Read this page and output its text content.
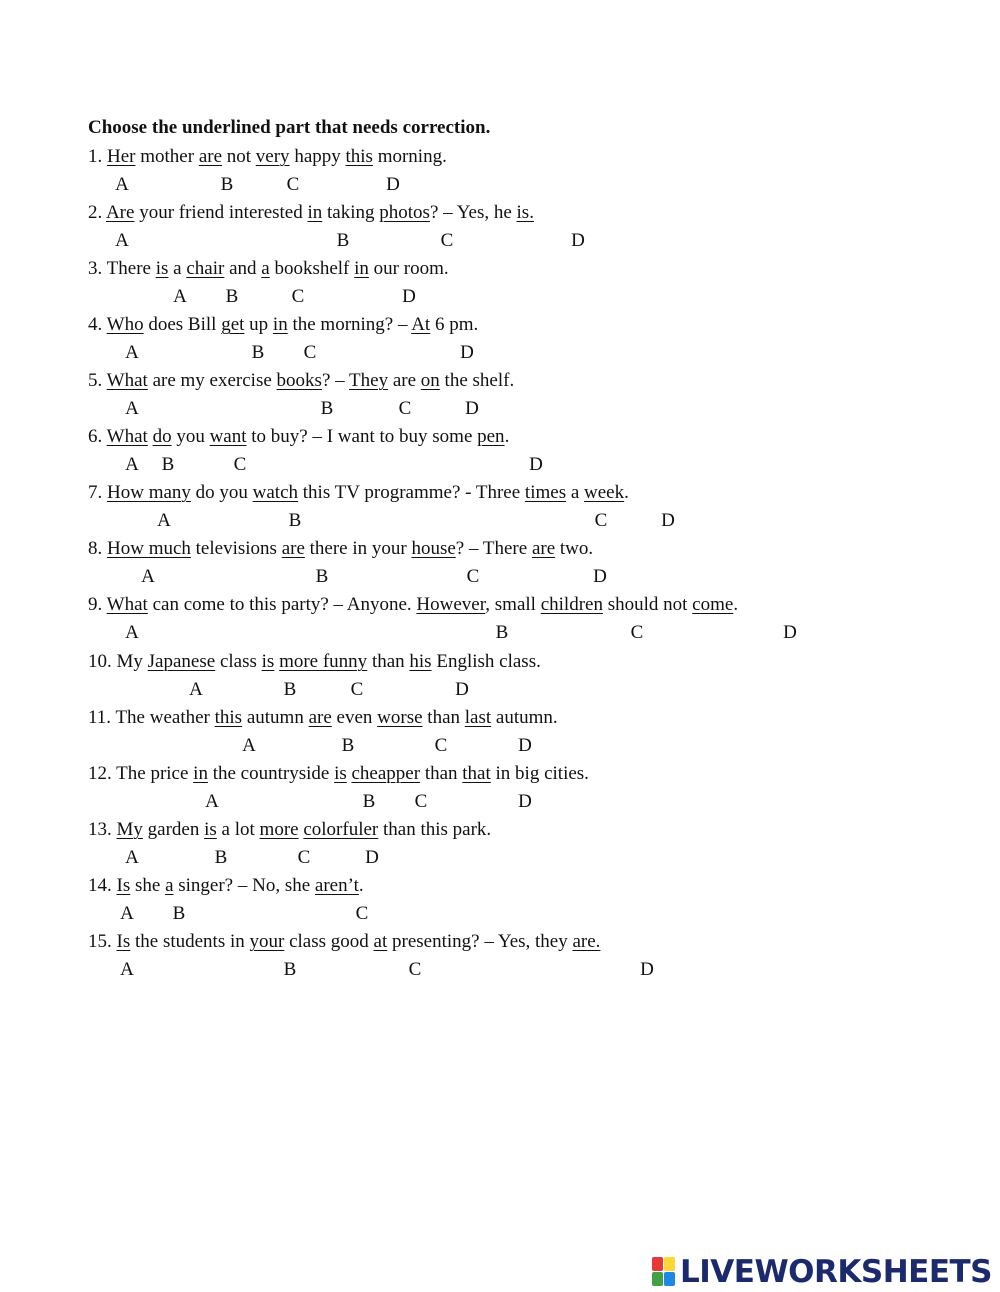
Choose the underlined part that needs correction.
1. Her mother are not very happy this morning.
A	B	C	D
2. Are your friend interested in taking photos? – Yes, he is.
A	B	C	D
3. There is a chair and a bookshelf in our room.
A B	C	D
4. Who does Bill get up in the morning? – At 6 pm.
A	B C	D
5. What are my exercise books? – They are on the shelf.
A	B	C	D
6. What do you want to buy? – I want to buy some pen.
A B	C	D
7. How many do you watch this TV programme? - Three times a week.
A	B	C	D
8. How much televisions are there in your house? – There are two.
A	B	C	D
9. What can come to this party? – Anyone. However, small children should not come.
A	B	C	D
10. My Japanese class is more funny than his English class.
A	B	C	D
11. The weather this autumn are even worse than last autumn.
A	B	C	D
12. The price in the countryside is cheapper than that in big cities.
A	B C	D
13. My garden is a lot more colorfuler than this park.
A	B	C	D
14. Is she a singer? – No, she aren’t.
A B	C
15. Is the students in your class good at presenting? – Yes, they are.
A	B	C	D
LIVEWORKSHEETS
